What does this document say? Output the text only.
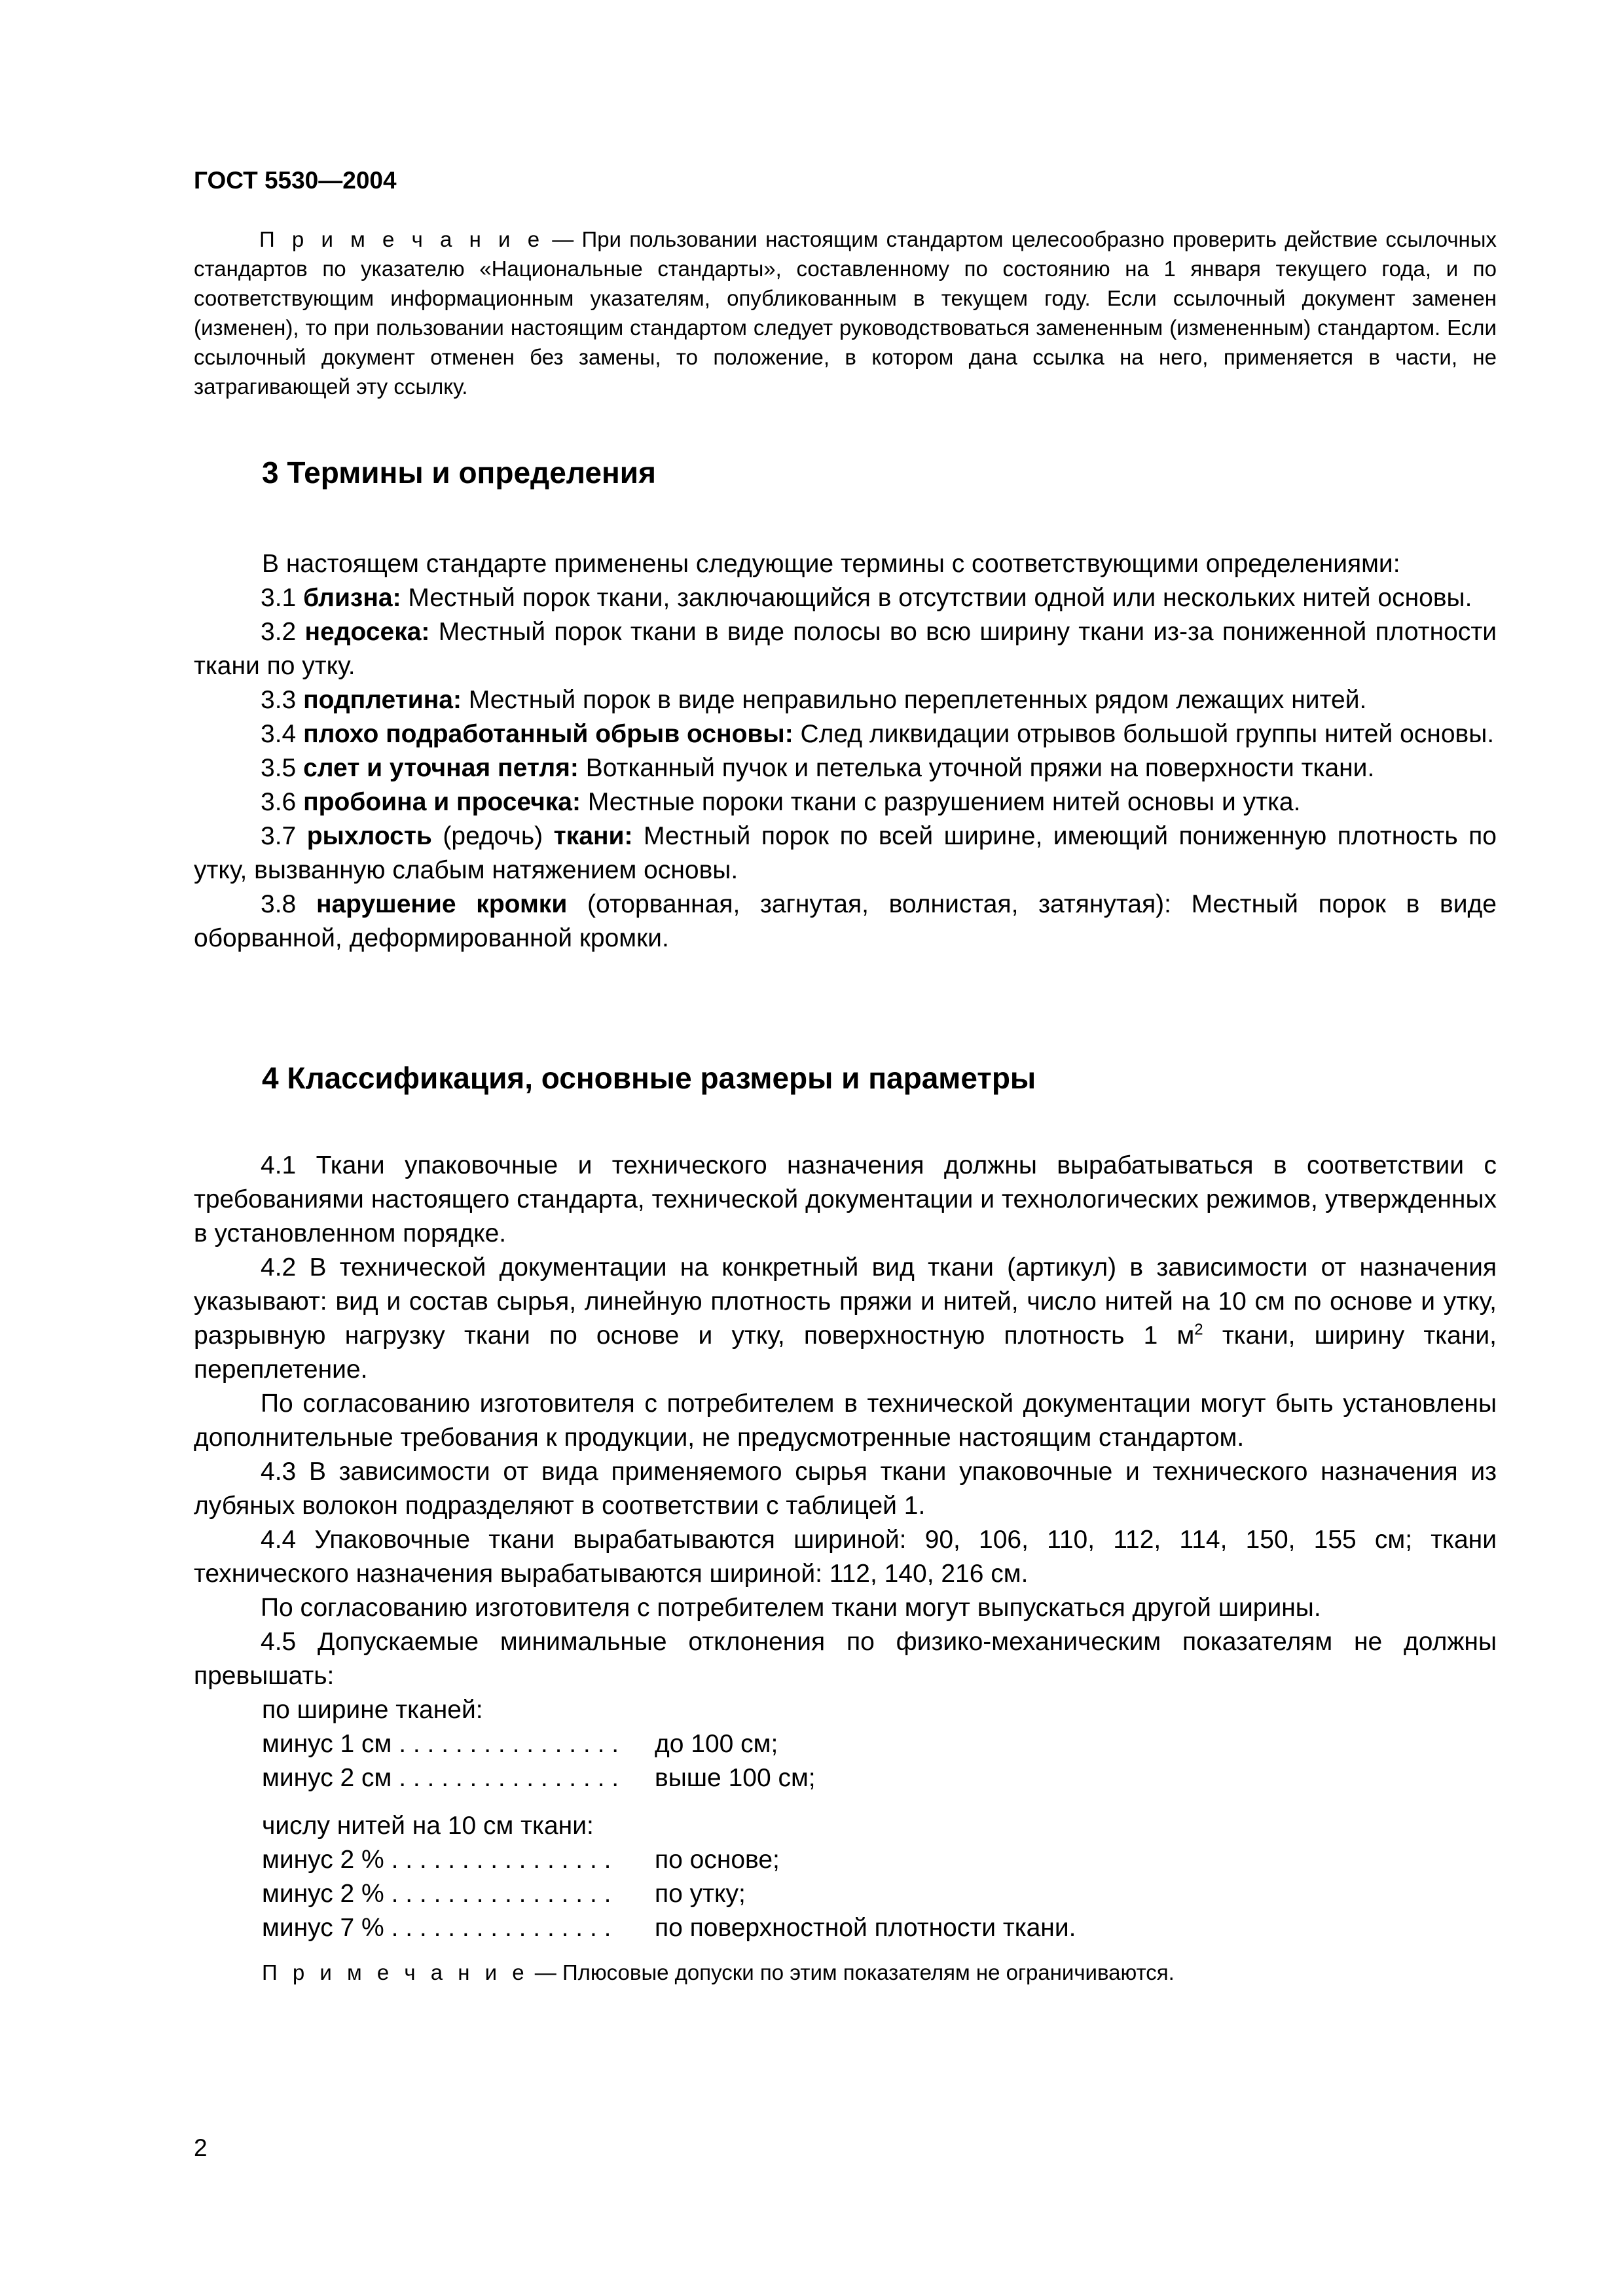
ГОСТ 5530—2004

П р и м е ч а н и е — При пользовании настоящим стандартом целесообразно проверить действие ссылочных стандартов по указателю «Национальные стандарты», составленному по состоянию на 1 января текущего года, и по соответствующим информационным указателям, опубликованным в текущем году. Если ссылочный документ заменен (изменен), то при пользовании настоящим стандартом следует руководствоваться замененным (измененным) стандартом. Если ссылочный документ отменен без замены, то положение, в котором дана ссылка на него, применяется в части, не затрагивающей эту ссылку.

3 Термины и определения
В настоящем стандарте применены следующие термины с соответствующими определениями:

3.1 близна: Местный порок ткани, заключающийся в отсутствии одной или нескольких нитей основы.

3.2 недосека: Местный порок ткани в виде полосы во всю ширину ткани из-за пониженной плотности ткани по утку.

3.3 подплетина: Местный порок в виде неправильно переплетенных рядом лежащих нитей.

3.4 плохо подработанный обрыв основы: След ликвидации отрывов большой группы нитей основы.

3.5 слет и уточная петля: Вотканный пучок и петелька уточной пряжи на поверхности ткани.

3.6 пробоина и просечка: Местные пороки ткани с разрушением нитей основы и утка.

3.7 рыхлость (редочь) ткани: Местный порок по всей ширине, имеющий пониженную плотность по утку, вызванную слабым натяжением основы.

3.8 нарушение кромки (оторванная, загнутая, волнистая, затянутая): Местный порок в виде оборванной, деформированной кромки.

4 Классификация, основные размеры и параметры

4.1 Ткани упаковочные и технического назначения должны вырабатываться в соответствии с требованиями настоящего стандарта, технической документации и технологических режимов, утвержденных в установленном порядке.

4.2 В технической документации на конкретный вид ткани (артикул) в зависимости от назначения указывают: вид и состав сырья, линейную плотность пряжи и нитей, число нитей на 10 см по основе и утку, разрывную нагрузку ткани по основе и утку, поверхностную плотность 1 $м^2$ ткани, ширину ткани, переплетение.

По согласованию изготовителя с потребителем в технической документации могут быть установлены дополнительные требования к продукции, не предусмотренные настоящим стандартом.

4.3 В зависимости от вида применяемого сырья ткани упаковочные и технического назначения из лубяных волокон подразделяют в соответствии с таблицей 1.

4.4 Упаковочные ткани вырабатываются шириной: 90, 106, 110, 112, 114, 150, 155 см; ткани технического назначения вырабатываются шириной: 112, 140, 216 см.

По согласованию изготовителя с потребителем ткани могут выпускаться другой ширины.

4.5 Допускаемые минимальные отклонения по физико-механическим показателям не должны превышать:

по ширине тканей:
минус 1 см . . . . . . . . . . . . . . . . до 100 см;
минус 2 см . . . . . . . . . . . . . . . . выше 100 см;
числу нитей на 10 см ткани:
минус 2 % . . . . . . . . . . . . . . . . по основе;
минус 2 % . . . . . . . . . . . . . . . . по утку;
минус 7 % . . . . . . . . . . . . . . . . по поверхностной плотности ткани.
П р и м е ч а н и е — Плюсовые допуски по этим показателям не ограничиваются.
2
